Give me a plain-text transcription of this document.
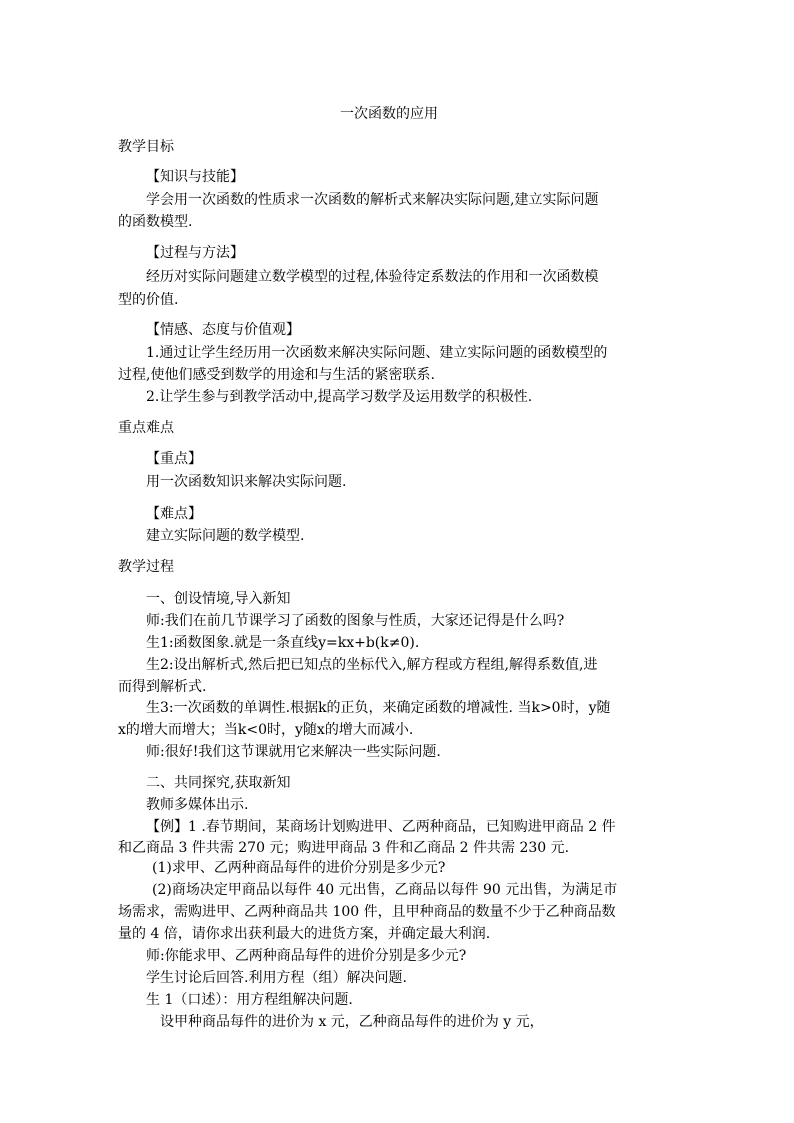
一次函数的应用
教学目标
【知识与技能】
学会用一次函数的性质求一次函数的解析式来解决实际问题,建立实际问题
的函数模型.
【过程与方法】
经历对实际问题建立数学模型的过程,体验待定系数法的作用和一次函数模
型的价值.
【情感、态度与价值观】
1.通过让学生经历用一次函数来解决实际问题、建立实际问题的函数模型的
过程,使他们感受到数学的用途和与生活的紧密联系.
2.让学生参与到教学活动中,提高学习数学及运用数学的积极性.
重点难点
【重点】
用一次函数知识来解决实际问题.
【难点】
建立实际问题的数学模型.
教学过程
一、创设情境,导入新知
师:我们在前几节课学习了函数的图象与性质，大家还记得是什么吗?
生1:函数图象.就是一条直线y=kx+b(k≠0).
生2:设出解析式,然后把已知点的坐标代入,解方程或方程组,解得系数值,进
而得到解析式.
生3:一次函数的单调性.根据k的正负，来确定函数的增减性. 当k>0时，y随
x的增大而增大；当k<0时，y随x的增大而减小.
师:很好!我们这节课就用它来解决一些实际问题.
二、共同探究,获取新知
教师多媒体出示.
【例】1 .春节期间，某商场计划购进甲、乙两种商品，已知购进甲商品 2 件
和乙商品 3 件共需 270 元；购进甲商品 3 件和乙商品 2 件共需 230 元.
(1)求甲、乙两种商品每件的进价分别是多少元?
(2)商场决定甲商品以每件 40 元出售，乙商品以每件 90 元出售，为满足市
场需求，需购进甲、乙两种商品共 100 件，且甲种商品的数量不少于乙种商品数
量的 4 倍，请你求出获利最大的进货方案，并确定最大利润.
师:你能求甲、乙两种商品每件的进价分别是多少元?
学生讨论后回答.利用方程（组）解决问题.
生 1（口述）：用方程组解决问题.
设甲种商品每件的进价为 x 元，乙种商品每件的进价为 y 元，
